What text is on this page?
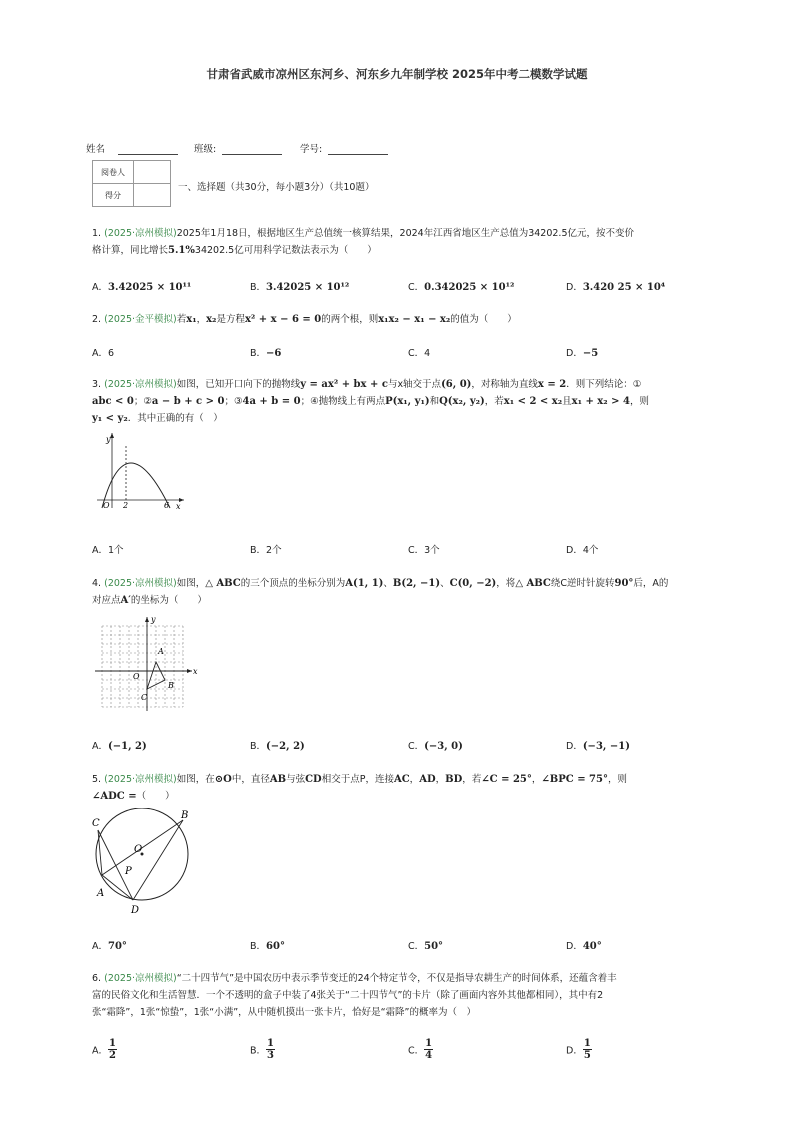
甘肃省武威市凉州区东河乡、河东乡九年制学校 2025年中考二模数学试题
姓名	班级:	学号:
阅卷人	
得分	
一、选择题（共30分，每小题3分）（共10题）
1. (2025·凉州模拟)2025年1月18日，根据地区生产总值统一核算结果，2024年江西省地区生产总值为34202.5亿元，按不变价
格计算，同比增长5.1%34202.5亿可用科学记数法表示为（　　）
A．3.42025 × 10¹¹	B．3.42025 × 10¹²	C．0.342025 × 10¹²	D．3.420 25 × 10⁴
2. (2025·金平模拟)若x₁，x₂是方程x² + x − 6 = 0的两个根，则x₁x₂ − x₁ − x₂的值为（　　）
A．6	B．−6	C．4	D．−5
3. (2025·凉州模拟)如图，已知开口向下的抛物线y = ax² + bx + c与x轴交于点(6, 0)，对称轴为直线x = 2．则下列结论：①
abc < 0；②a − b + c > 0；③4a + b = 0；④抛物线上有两点P(x₁, y₁)和Q(x₂, y₂)，若x₁ < 2 < x₂且x₁ + x₂ > 4，则
y₁ < y₂．其中正确的有（　）
y
x
O 2	6
A．1个	B．2个	C．3个	D．4个
4. (2025·凉州模拟)如图，△ ABC的三个顶点的坐标分别为A(1, 1)、B(2, −1)、C(0, −2)，将△ ABC绕C逆时针旋转90°后，A的
对应点A′的坐标为（　　）
A
B
C
O
x
y
A．(−1, 2)	B．(−2, 2)	C．(−3, 0)	D．(−3, −1)
5. (2025·凉州模拟)如图，在⊙O中，直径AB与弦CD相交于点P，连接AC，AD，BD，若∠C = 25°，∠BPC = 75°，则
∠ADC =（　　）
C
B
O
P
A
D
A．70°	B．60°	C．50°	D．40°
6. (2025·凉州模拟)“二十四节气”是中国农历中表示季节变迁的24个特定节令，不仅是指导农耕生产的时间体系，还蕴含着丰
富的民俗文化和生活智慧．一个不透明的盒子中装了4张关于“二十四节气”的卡片（除了画面内容外其他都相同），其中有2
张“霜降”，1张“惊蛰”，1张“小满”，从中随机摸出一张卡片，恰好是“霜降”的概率为（　）
A． $\frac{1}{2}$	B． $\frac{1}{3}$	C． $\frac{1}{4}$	D． $\frac{1}{5}$
